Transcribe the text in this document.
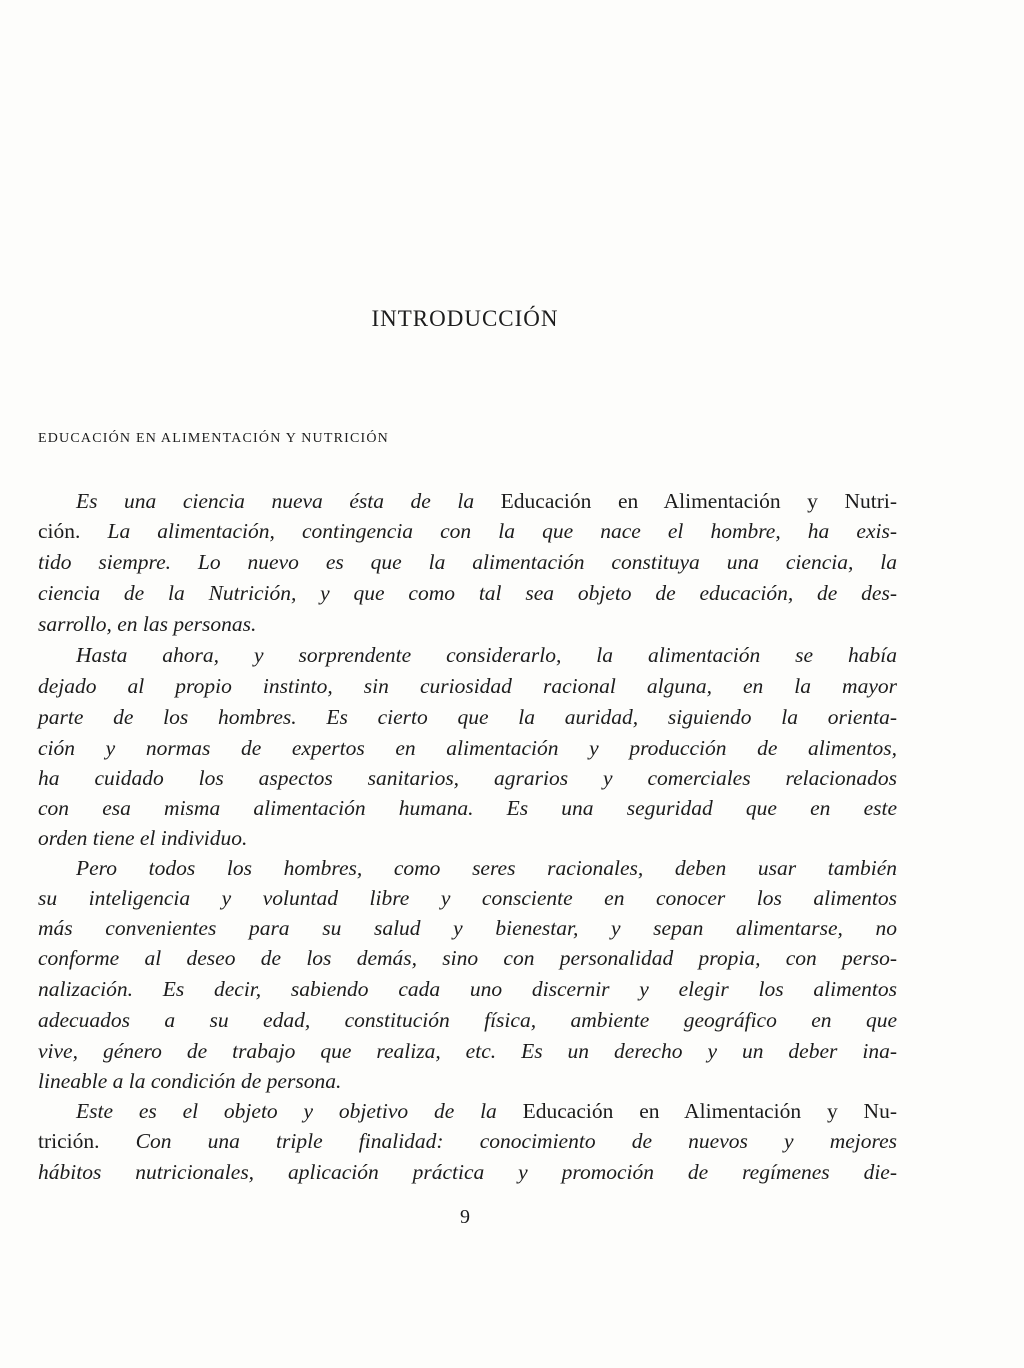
INTRODUCCIÓN
EDUCACIÓN EN ALIMENTACIÓN Y NUTRICIÓN
Es una ciencia nueva ésta de la Educación en Alimentación y Nutri-
ción. La alimentación, contingencia con la que nace el hombre, ha exis-
tido siempre. Lo nuevo es que la alimentación constituya una ciencia, la
ciencia de la Nutrición, y que como tal sea objeto de educación, de des-
sarrollo, en las personas.
Hasta ahora, y sorprendente considerarlo, la alimentación se había
dejado al propio instinto, sin curiosidad racional alguna, en la mayor
parte de los hombres. Es cierto que la auridad, siguiendo la orienta-
ción y normas de expertos en alimentación y producción de alimentos,
ha cuidado los aspectos sanitarios, agrarios y comerciales relacionados
con esa misma alimentación humana. Es una seguridad que en este
orden tiene el individuo.
Pero todos los hombres, como seres racionales, deben usar también
su inteligencia y voluntad libre y consciente en conocer los alimentos
más convenientes para su salud y bienestar, y sepan alimentarse, no
conforme al deseo de los demás, sino con personalidad propia, con perso-
nalización. Es decir, sabiendo cada uno discernir y elegir los alimentos
adecuados a su edad, constitución física, ambiente geográfico en que
vive, género de trabajo que realiza, etc. Es un derecho y un deber ina-
lineable a la condición de persona.
Este es el objeto y objetivo de la Educación en Alimentación y Nu-
trición. Con una triple finalidad: conocimiento de nuevos y mejores
hábitos nutricionales, aplicación práctica y promoción de regímenes die-
9
